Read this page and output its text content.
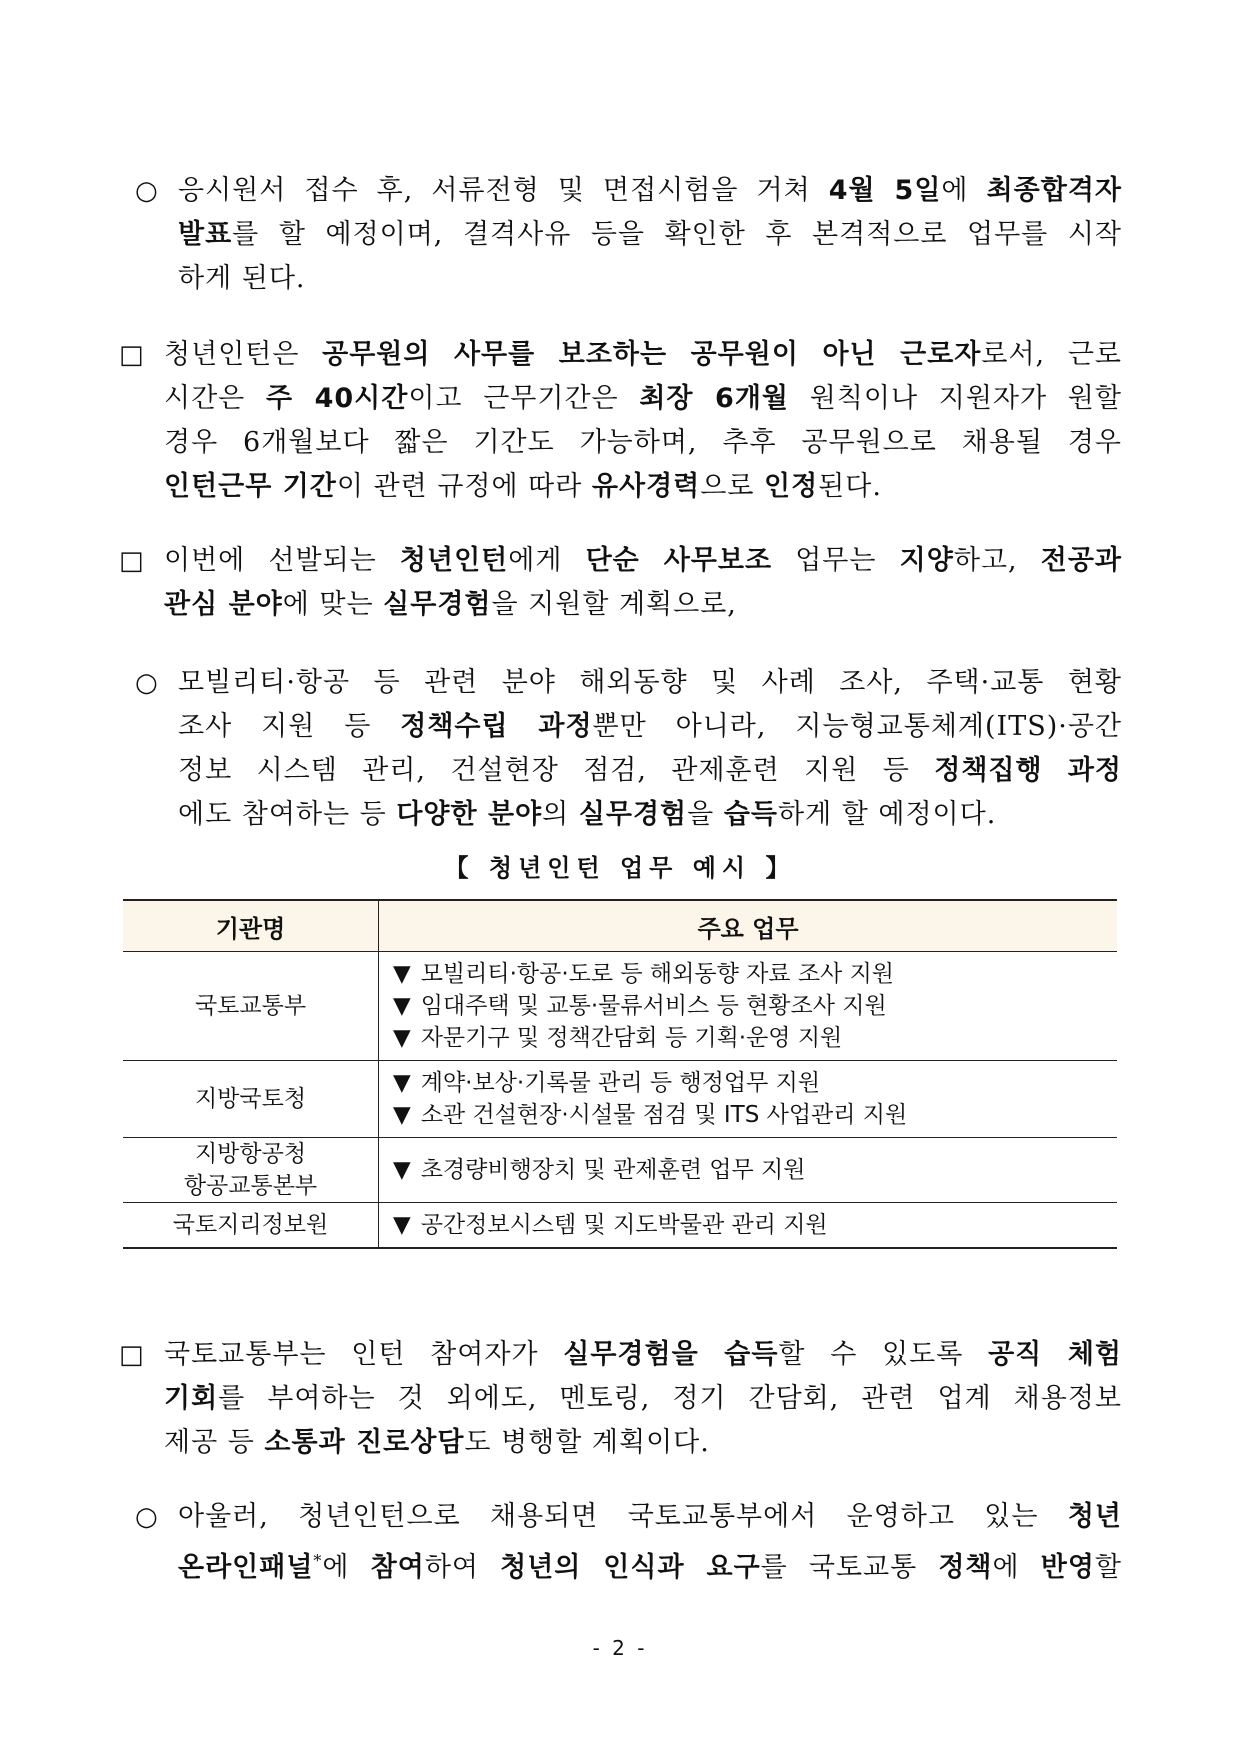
○ 응시원서 접수 후, 서류전형 및 면접시험을 거쳐 4월 5일에 최종합격자
발표를 할 예정이며, 결격사유 등을 확인한 후 본격적으로 업무를 시작
하게 된다.
□ 청년인턴은 공무원의 사무를 보조하는 공무원이 아닌 근로자로서, 근로
시간은 주 40시간이고 근무기간은 최장 6개월 원칙이나 지원자가 원할
경우 6개월보다 짧은 기간도 가능하며, 추후 공무원으로 채용될 경우
인턴근무 기간이 관련 규정에 따라 유사경력으로 인정된다.
□ 이번에 선발되는 청년인턴에게 단순 사무보조 업무는 지양하고, 전공과
관심 분야에 맞는 실무경험을 지원할 계획으로,
○ 모빌리티·항공 등 관련 분야 해외동향 및 사례 조사, 주택·교통 현황
조사 지원 등 정책수립 과정뿐만 아니라, 지능형교통체계(ITS)·공간
정보 시스템 관리, 건설현장 점검, 관제훈련 지원 등 정책집행 과정
에도 참여하는 등 다양한 분야의 실무경험을 습득하게 할 예정이다.
【 청년인턴 업무 예시 】
기관명	주요 업무
국토교통부	▼ 모빌리티·항공·도로 등 해외동향 자료 조사 지원
▼ 임대주택 및 교통·물류서비스 등 현황조사 지원
▼ 자문기구 및 정책간담회 등 기획·운영 지원

지방국토청	▼ 계약·보상·기록물 관리 등 행정업무 지원
▼ 소관 건설현장·시설물 점검 및 ITS 사업관리 지원

지방항공청
항공교통본부	▼ 초경량비행장치 및 관제훈련 업무 지원

국토지리정보원	▼ 공간정보시스템 및 지도박물관 관리 지원
□ 국토교통부는 인턴 참여자가 실무경험을 습득할 수 있도록 공직 체험
기회를 부여하는 것 외에도, 멘토링, 정기 간담회, 관련 업계 채용정보
제공 등 소통과 진로상담도 병행할 계획이다.
○ 아울러, 청년인턴으로 채용되면 국토교통부에서 운영하고 있는 청년
온라인패널*에 참여하여 청년의 인식과 요구를 국토교통 정책에 반영할
- 2 -
